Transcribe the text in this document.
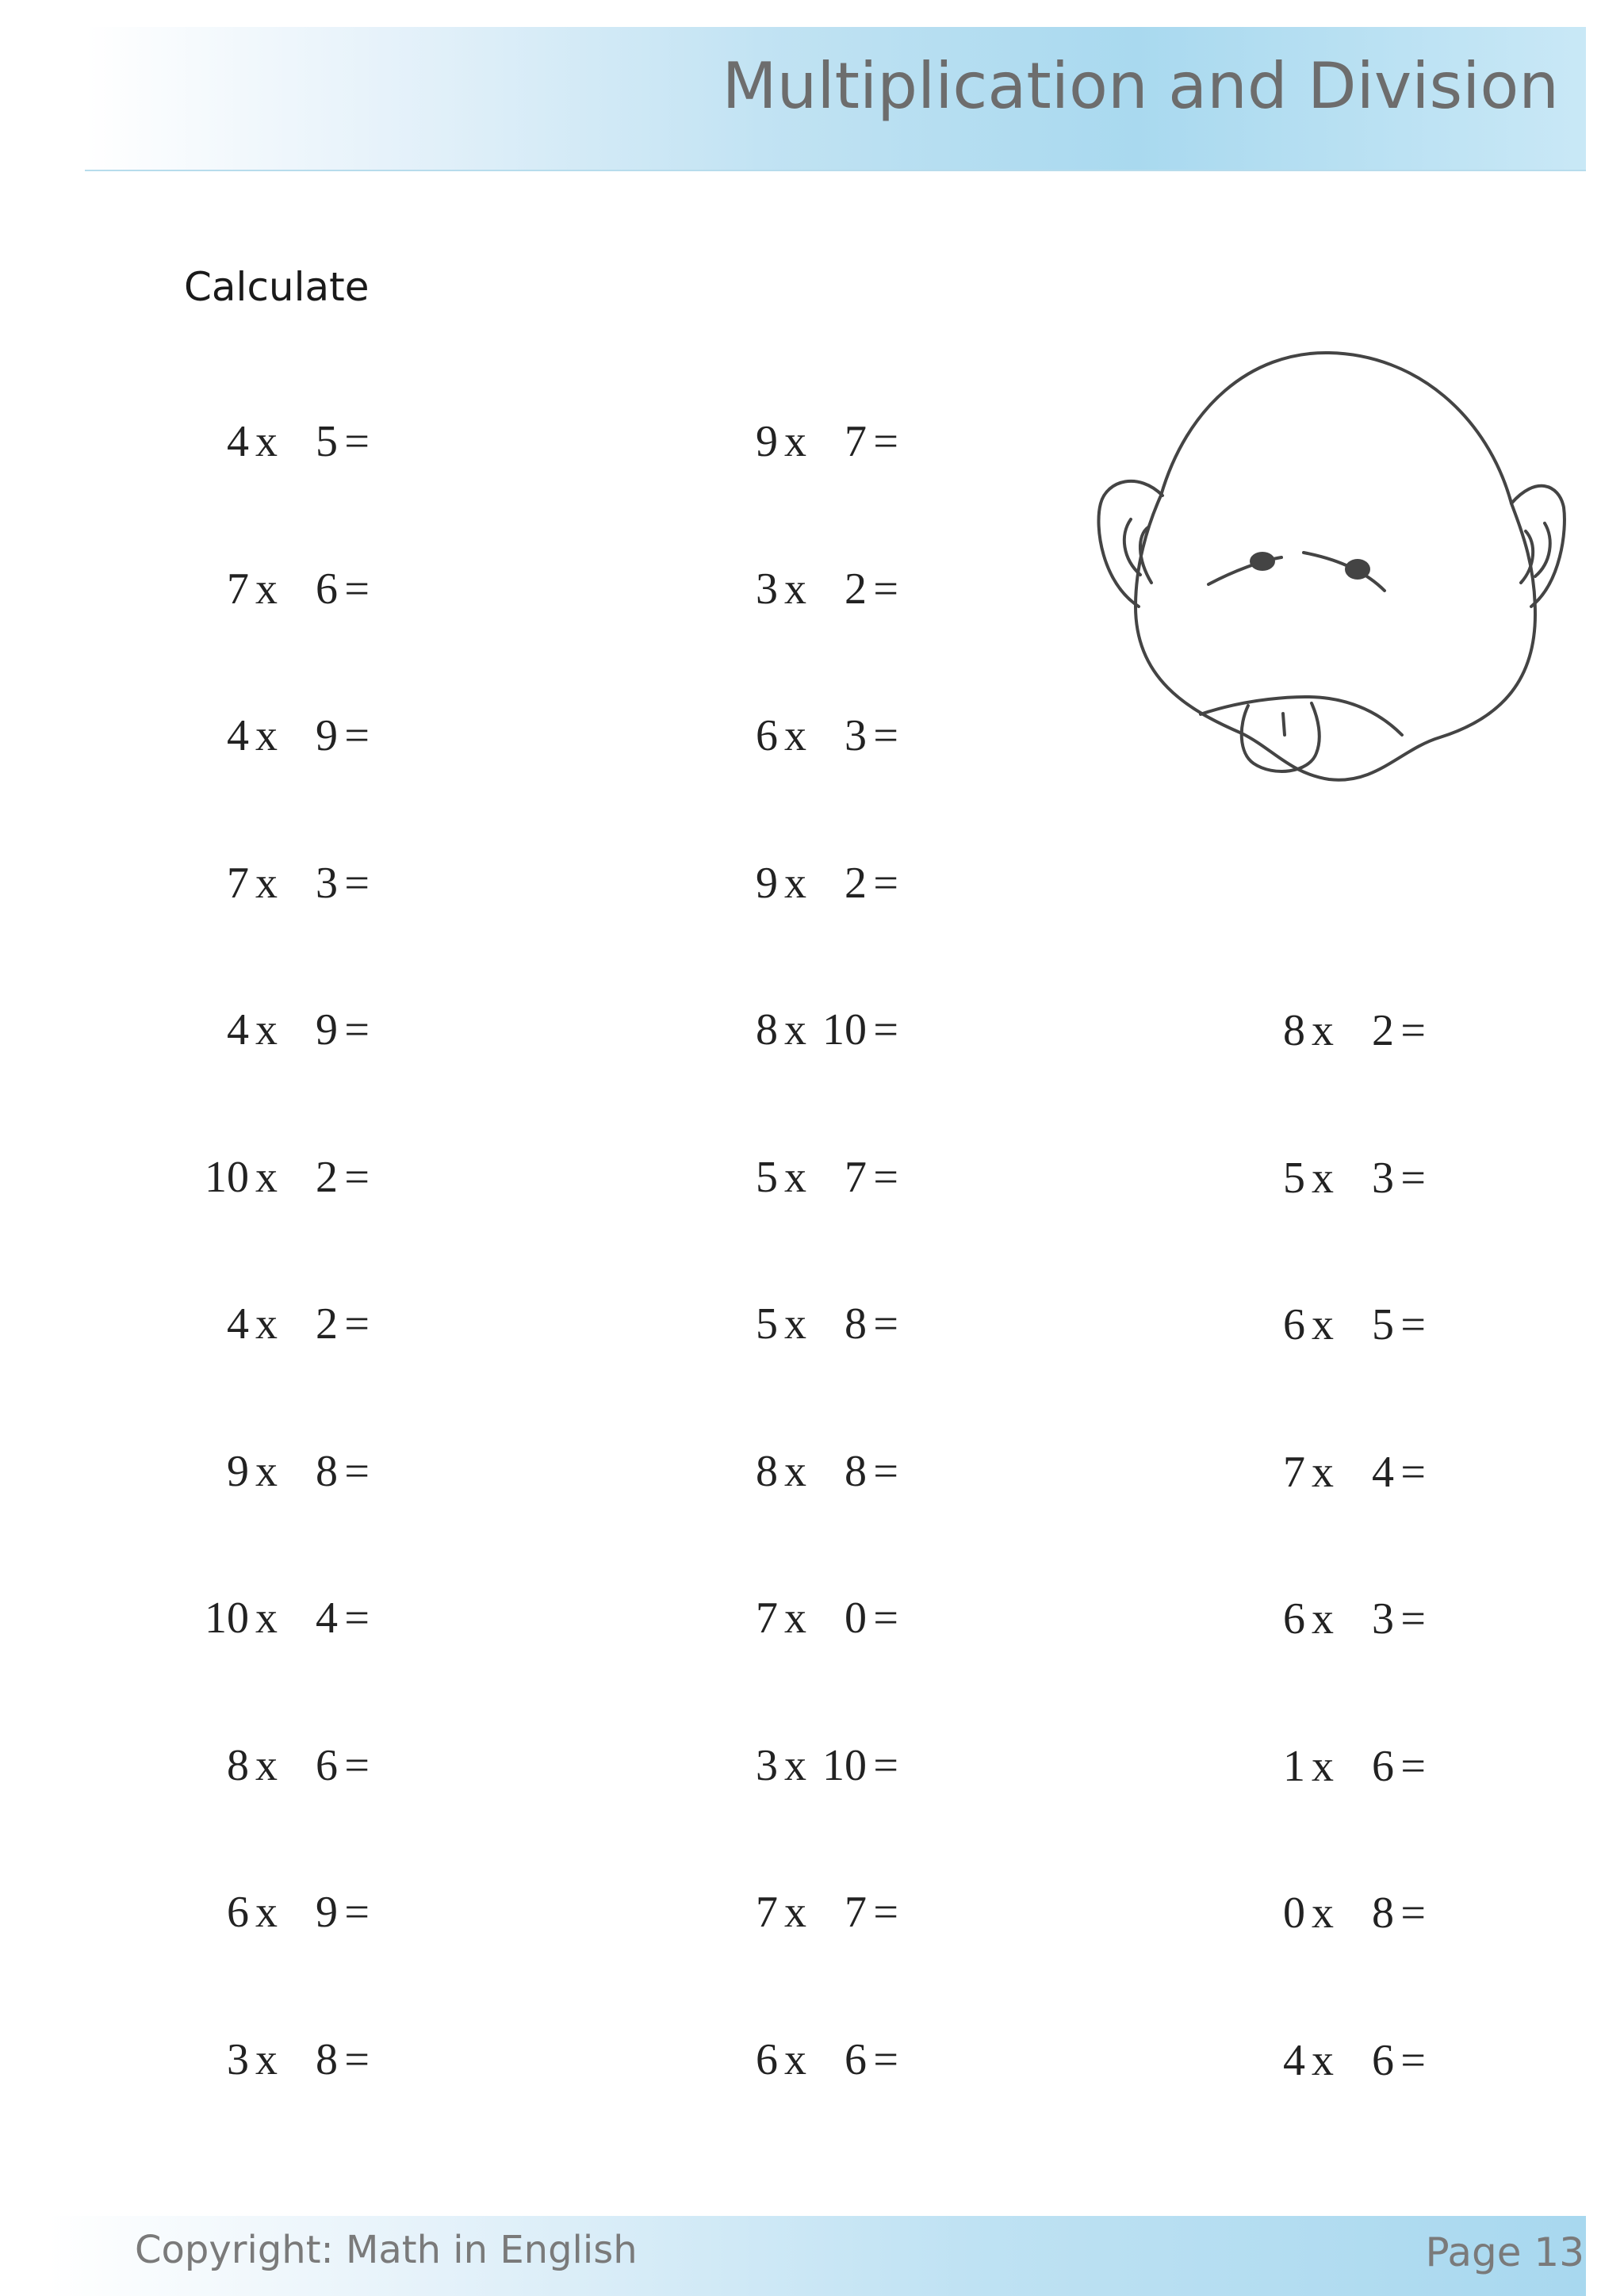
Multiplication and Division
Calculate
4 x 5 =
7 x 6 =
4 x 9 =
7 x 3 =
4 x 9 =
10 x 2 =
4 x 2 =
9 x 8 =
10 x 4 =
8 x 6 =
6 x 9 =
3 x 8 =
9 x 7 =
3 x 2 =
6 x 3 =
9 x 2 =
8 x 10 =
5 x 7 =
5 x 8 =
8 x 8 =
7 x 0 =
3 x 10 =
7 x 7 =
6 x 6 =
8 x 2 =
5 x 3 =
6 x 5 =
7 x 4 =
6 x 3 =
1 x 6 =
0 x 8 =
4 x 6 =
Copyright: Math in English	Page 13
